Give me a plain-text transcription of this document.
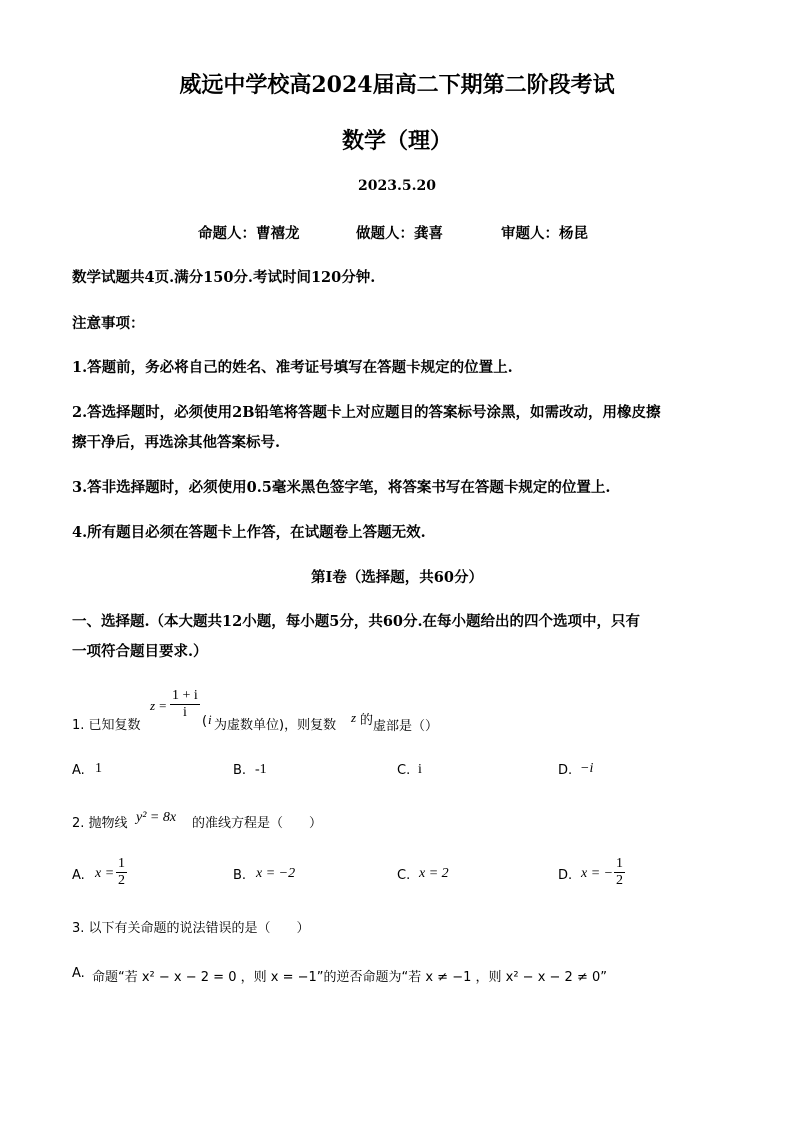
威远中学校高2024届高二下期第二阶段考试
数学（理）
2023.5.20
命题人：曹禧龙	做题人：龚喜	审题人：杨昆
数学试题共4页.满分150分.考试时间120分钟.
注意事项：
1.答题前，务必将自己的姓名、准考证号填写在答题卡规定的位置上.
2.答选择题时，必须使用2B铅笔将答题卡上对应题目的答案标号涂黑，如需改动，用橡皮擦
擦干净后，再选涂其他答案标号.
3.答非选择题时，必须使用0.5毫米黑色签字笔，将答案书写在答题卡规定的位置上.
4.所有题目必须在答题卡上作答，在试题卷上答题无效.
第I卷（选择题，共60分）
一、选择题.（本大题共12小题，每小题5分，共60分.在每小题给出的四个选项中，只有
一项符合题目要求.）
1. 已知复数
$z = \frac{1 + i}{i}$
( i 为虚数单位)，则复数
z 的 虚部是（）
A. 1	B. -1	C. i	D. −i
2. 抛物线 y² = 8x 的准线方程是（　　）
A. $x = \frac{1}{2}$	B. x = −2	C. x = 2	D. x = − $\frac{1}{2}$
3. 以下有关命题的说法错误的是（　　）
A. 命题“若 x² − x − 2 = 0 ，则 x = −1”的逆否命题为“若 x ≠ −1 ，则 x² − x − 2 ≠ 0”
